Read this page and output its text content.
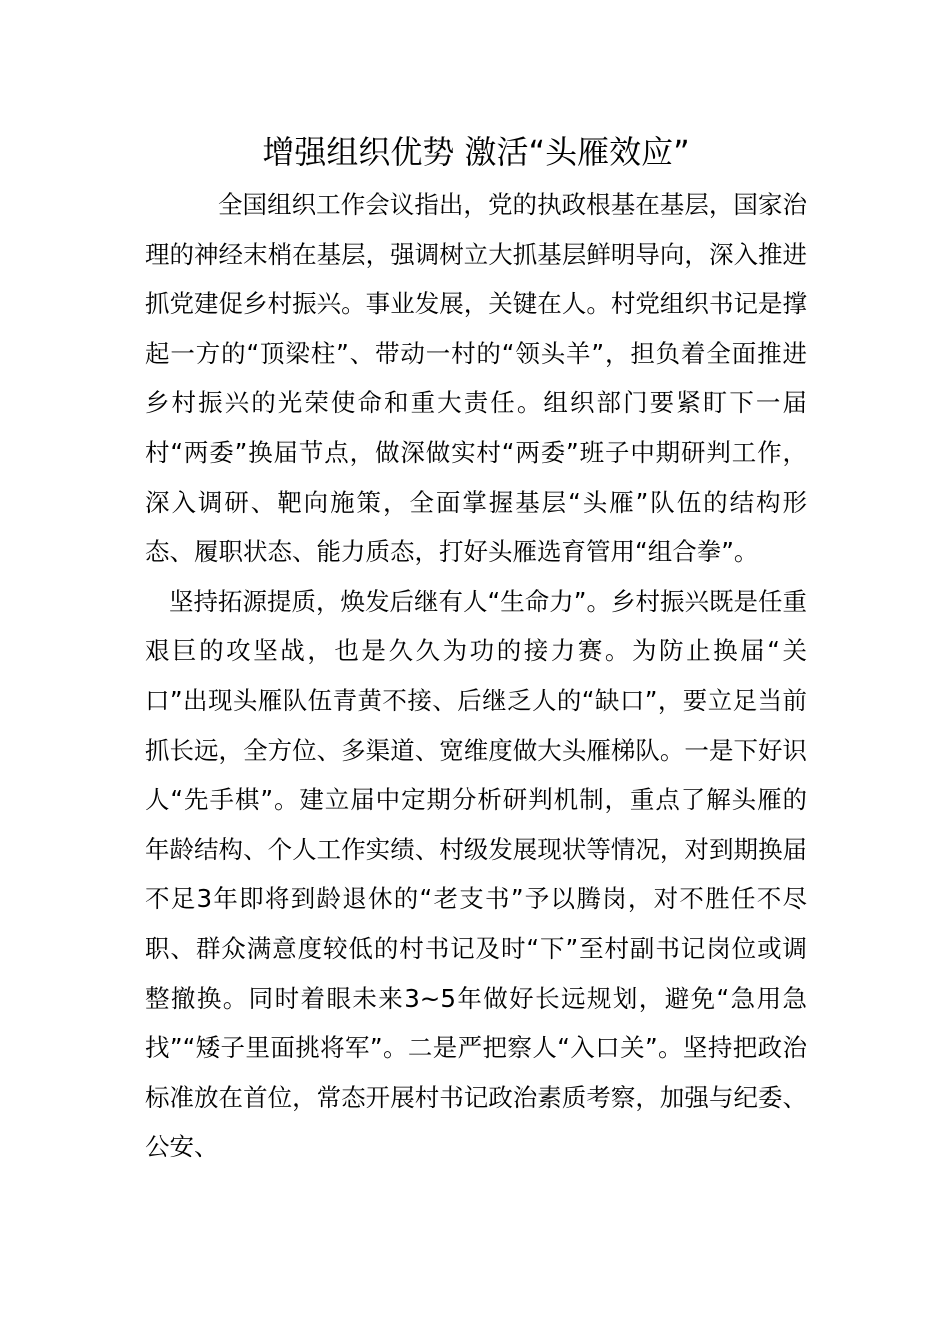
增强组织优势 激活“头雁效应”

全国组织工作会议指出，党的执政根基在基层，国家治理的神经末梢在基层，强调树立大抓基层鲜明导向，深入推进抓党建促乡村振兴。事业发展，关键在人。村党组织书记是撑起一方的“顶梁柱”、带动一村的“领头羊”，担负着全面推进乡村振兴的光荣使命和重大责任。组织部门要紧盯下一届村“两委”换届节点，做深做实村“两委”班子中期研判工作，深入调研、靶向施策，全面掌握基层“头雁”队伍的结构形态、履职状态、能力质态，打好头雁选育管用“组合拳”。

坚持拓源提质，焕发后继有人“生命力”。乡村振兴既是任重艰巨的攻坚战，也是久久为功的接力赛。为防止换届“关口”出现头雁队伍青黄不接、后继乏人的“缺口”，要立足当前抓长远，全方位、多渠道、宽维度做大头雁梯队。一是下好识人“先手棋”。建立届中定期分析研判机制，重点了解头雁的年龄结构、个人工作实绩、村级发展现状等情况，对到期换届不足3年即将到龄退休的“老支书”予以腾岗，对不胜任不尽职、群众满意度较低的村书记及时“下”至村副书记岗位或调整撤换。同时着眼未来3~5年做好长远规划，避免“急用急找”“矮子里面挑将军”。二是严把察人“入口关”。坚持把政治标准放在首位，常态开展村书记政治素质考察，加强与纪委、公安、
